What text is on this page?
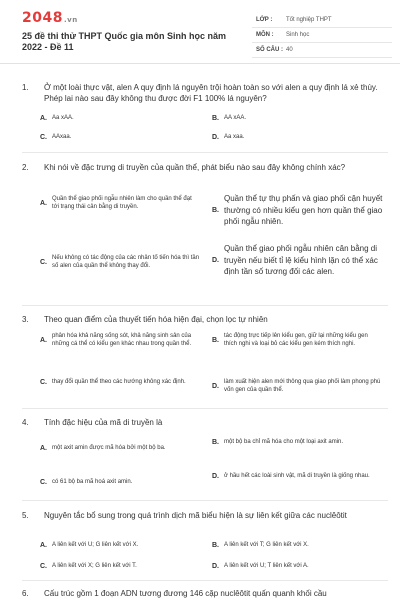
2048.vn
25 đề thi thử THPT Quốc gia môn Sinh học năm 2022 - Đề 11
LỚP : Tốt nghiệp THPT
MÔN : Sinh học
SỐ CÂU : 40
1. Ở một loài thực vật, alen A quy định lá nguyên trội hoàn toàn so với alen a quy định lá xẻ thùy. Phép lai nào sau đây không thu được đời F1 100% lá nguyên?
A. Aa xAA.	B. AA xAA.
C. AAxaa.	D. Aa xaa.
2. Khi nói về đặc trưng di truyền của quần thể, phát biểu nào sau đây không chính xác?
A.
Quần thể giao phối ngẫu nhiên làm cho quần thể đạt tới trạng thái cân bằng di truyền.	B.
Quần thể tự thụ phấn và giao phối cận huyết thường có nhiều kiểu gen hơn quần thể giao phối ngẫu nhiên.
C.
Nếu không có tác động của các nhân tố tiến hóa thì tần số alen của quần thể không thay đổi.
D.
Quần thể giao phối ngẫu nhiên cân bằng di truyền nếu biết tỉ lệ kiểu hình lặn có thể xác định tần số tương đối các alen.
3. Theo quan điểm của thuyết tiến hóa hiện đại, chọn lọc tự nhiên
A.
phân hóa khả năng sống sót, khả năng sinh sản của những cá thể có kiểu gen khác nhau trong quần thể.
B.
tác động trực tiếp lên kiểu gen, giữ lại những kiểu gen thích nghi và loại bỏ các kiểu gen kém thích nghi.
C. thay đổi quần thể theo các hướng không xác định.
D.
làm xuất hiện alen mới thông qua giao phối làm phong phú vốn gen của quần thể.
4. Tính đặc hiệu của mã di truyền là
A. một axit amin được mã hóa bởi một bộ ba.
B. một bộ ba chỉ mã hóa cho một loại axit amin.
C. có 61 bộ ba mã hoá axit amin.
D. ở hầu hết các loài sinh vật, mã di truyền là giống nhau.
5. Nguyên tắc bổ sung trong quá trình dịch mã biểu hiện là sự liên kết giữa các nuclêôtit
A. A liên kết với U; G liên kết với X.	B. A liên kết với T; G liên kết với X.
C. A liên kết với X; G liên kết với T.	D. A liên kết với U; T liên kết với A.
6. Cấu trúc gồm 1 đoạn ADN tương đương 146 cặp nuclêôtit quấn quanh khối cầu
